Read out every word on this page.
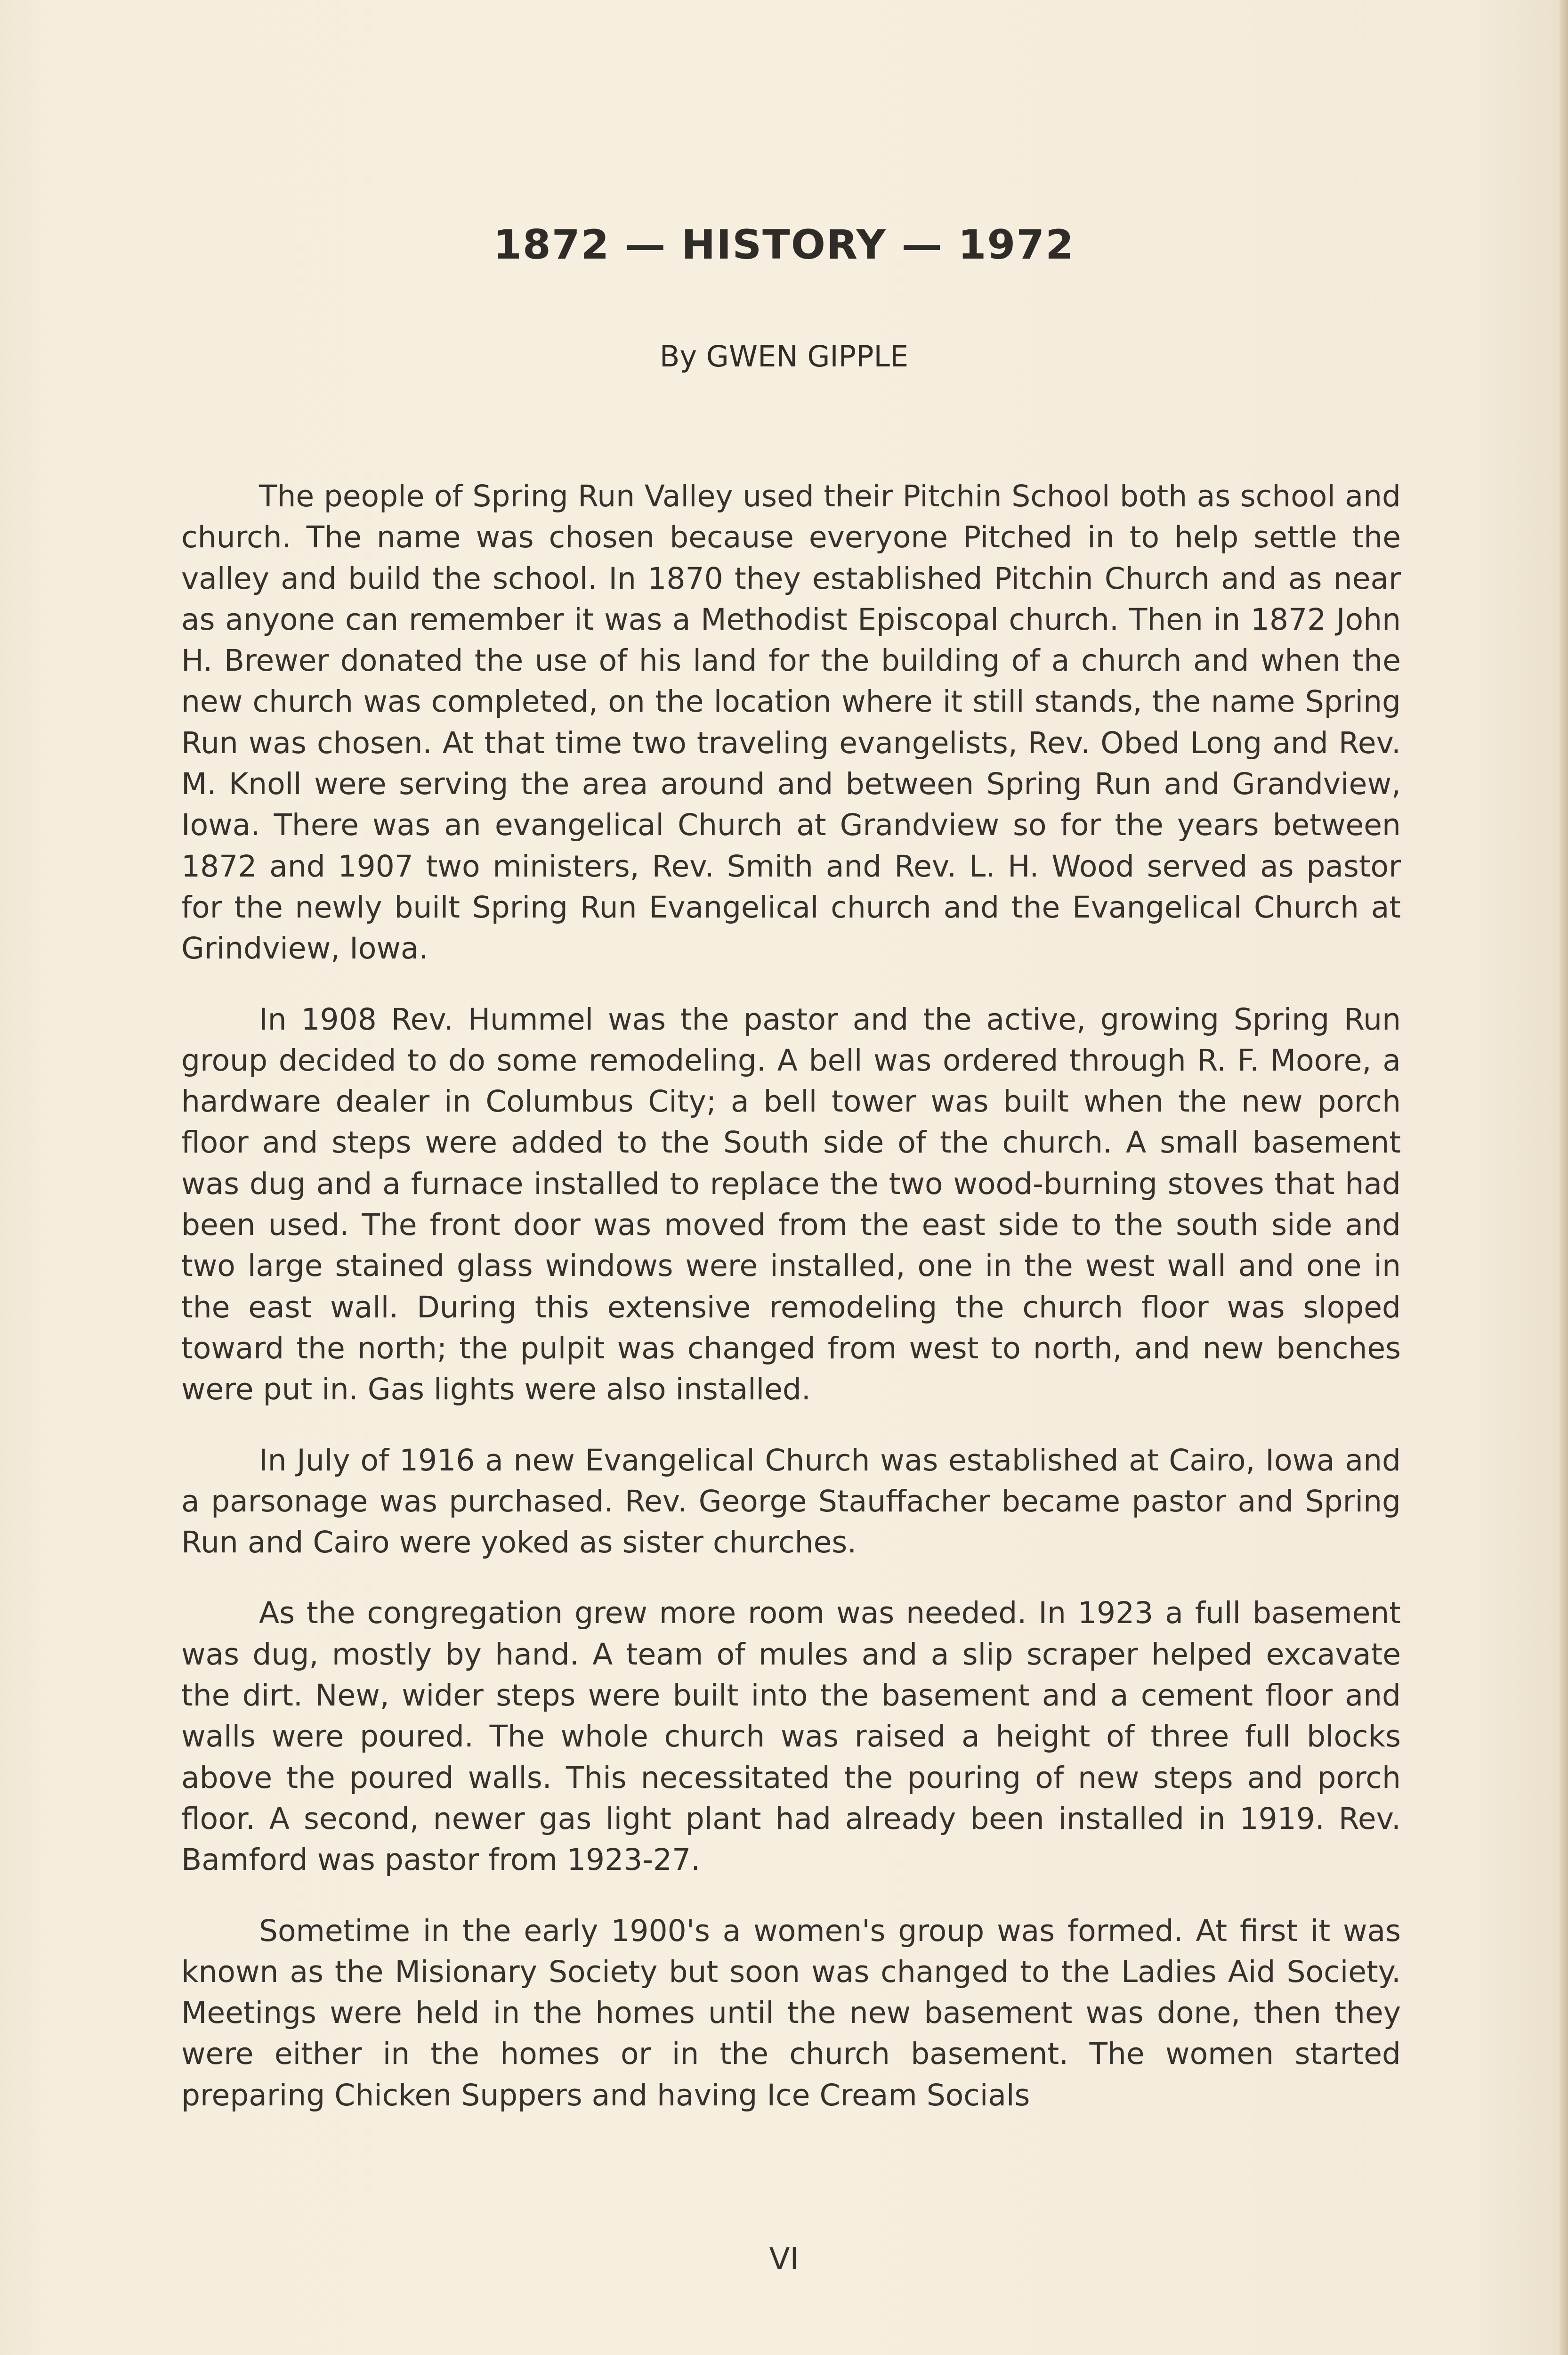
1872 — HISTORY — 1972
By GWEN GIPPLE

The people of Spring Run Valley used their Pitchin School both as school and church. The name was chosen because everyone Pitched in to help settle the valley and build the school. In 1870 they established Pitchin Church and as near as anyone can remember it was a Methodist Episcopal church. Then in 1872 John H. Brewer donated the use of his land for the building of a church and when the new church was completed, on the location where it still stands, the name Spring Run was chosen. At that time two traveling evangelists, Rev. Obed Long and Rev. M. Knoll were serving the area around and between Spring Run and Grandview, Iowa. There was an evangelical Church at Grandview so for the years between 1872 and 1907 two ministers, Rev. Smith and Rev. L. H. Wood served as pastor for the newly built Spring Run Evangelical church and the Evangelical Church at Grindview, Iowa.

In 1908 Rev. Hummel was the pastor and the active, growing Spring Run group decided to do some remodeling. A bell was ordered through R. F. Moore, a hardware dealer in Columbus City; a bell tower was built when the new porch floor and steps were added to the South side of the church. A small basement was dug and a furnace installed to replace the two wood-burning stoves that had been used. The front door was moved from the east side to the south side and two large stained glass windows were installed, one in the west wall and one in the east wall. During this extensive remodeling the church floor was sloped toward the north; the pulpit was changed from west to north, and new benches were put in. Gas lights were also installed.

In July of 1916 a new Evangelical Church was established at Cairo, Iowa and a parsonage was purchased. Rev. George Stauffacher became pastor and Spring Run and Cairo were yoked as sister churches.

As the congregation grew more room was needed. In 1923 a full basement was dug, mostly by hand. A team of mules and a slip scraper helped excavate the dirt. New, wider steps were built into the basement and a cement floor and walls were poured. The whole church was raised a height of three full blocks above the poured walls. This necessitated the pouring of new steps and porch floor. A second, newer gas light plant had already been installed in 1919. Rev. Bamford was pastor from 1923-27.

Sometime in the early 1900's a women's group was formed. At first it was known as the Misionary Society but soon was changed to the Ladies Aid Society. Meetings were held in the homes until the new basement was done, then they were either in the homes or in the church basement. The women started preparing Chicken Suppers and having Ice Cream Socials

VI
